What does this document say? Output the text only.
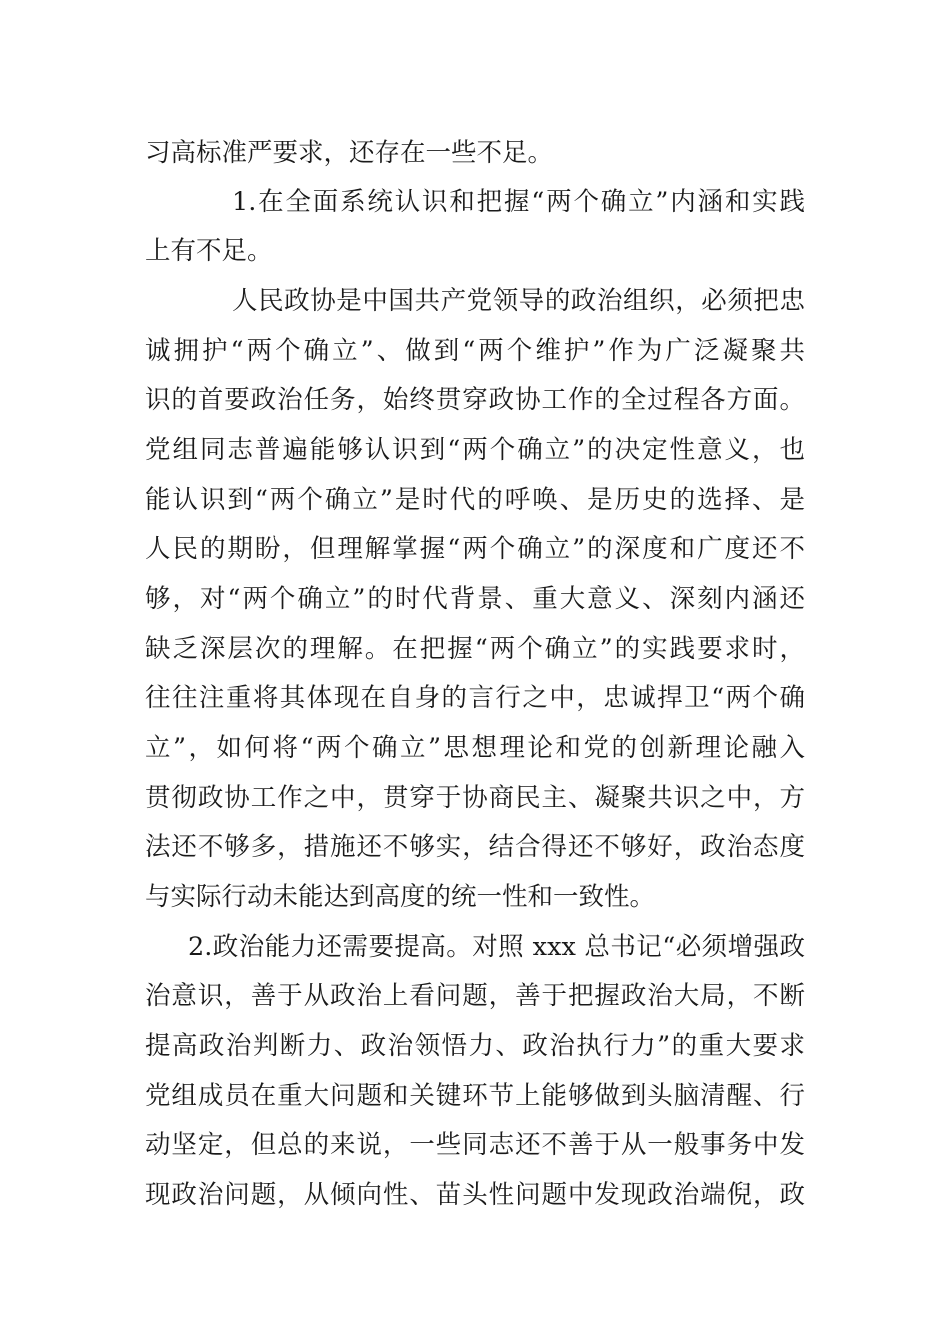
习高标准严要求，还存在一些不足。
1.在全面系统认识和把握“两个确立”内涵和实践
上有不足。
人民政协是中国共产党领导的政治组织，必须把忠
诚拥护“两个确立”、做到“两个维护”作为广泛凝聚共
识的首要政治任务，始终贯穿政协工作的全过程各方面。
党组同志普遍能够认识到“两个确立”的决定性意义，也
能认识到“两个确立”是时代的呼唤、是历史的选择、是
人民的期盼，但理解掌握“两个确立”的深度和广度还不
够，对“两个确立”的时代背景、重大意义、深刻内涵还
缺乏深层次的理解。在把握“两个确立”的实践要求时，
往往注重将其体现在自身的言行之中，忠诚捍卫“两个确
立”，如何将“两个确立”思想理论和党的创新理论融入
贯彻政协工作之中，贯穿于协商民主、凝聚共识之中，方
法还不够多，措施还不够实，结合得还不够好，政治态度
与实际行动未能达到高度的统一性和一致性。
2.政治能力还需要提高。对照 xxx 总书记“必须增强政
治意识，善于从政治上看问题，善于把握政治大局，不断
提高政治判断力、政治领悟力、政治执行力”的重大要求
党组成员在重大问题和关键环节上能够做到头脑清醒、行
动坚定，但总的来说，一些同志还不善于从一般事务中发
现政治问题，从倾向性、苗头性问题中发现政治端倪，政
